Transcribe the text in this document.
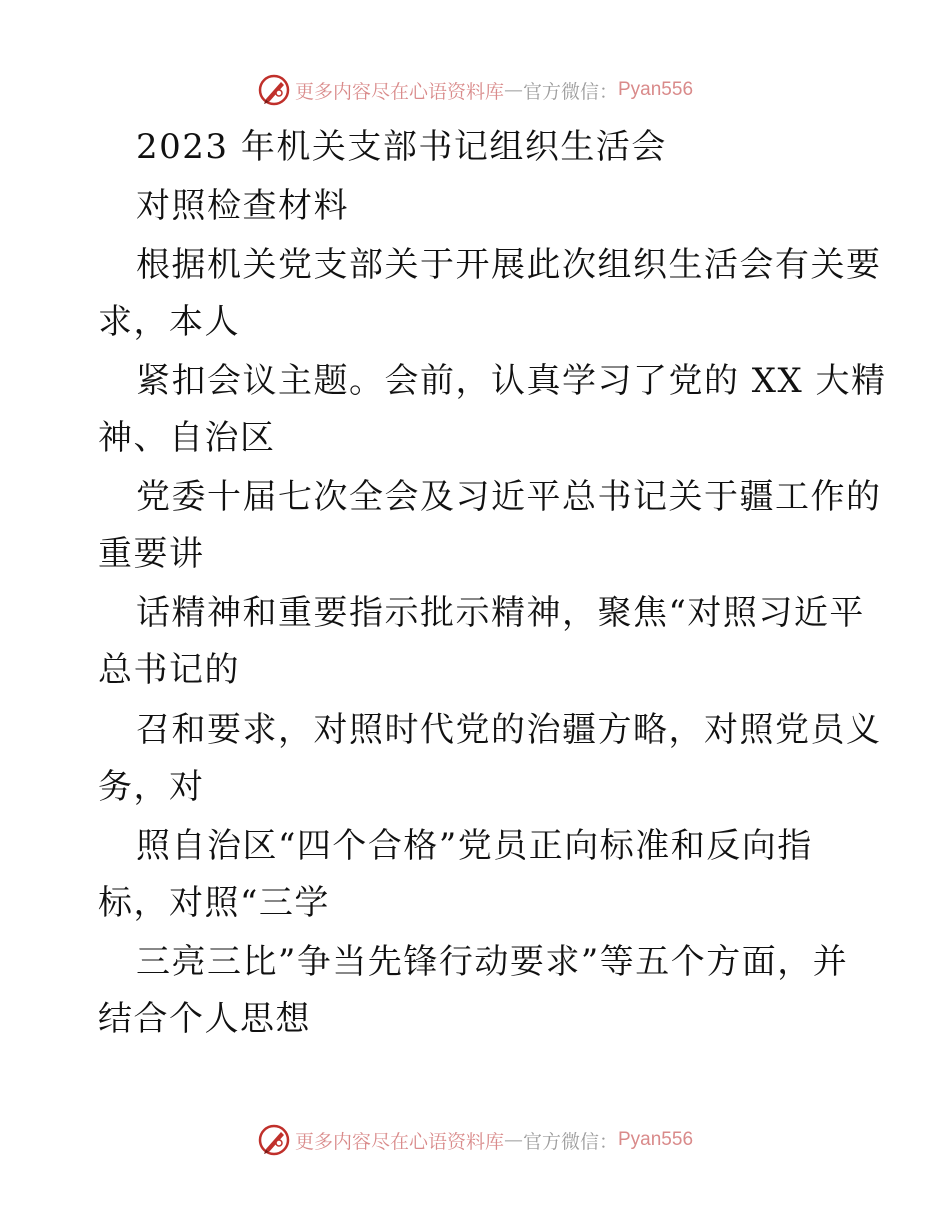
更多内容尽在心语资料库 — 官方微信： Pyan556
2023 年机关支部书记组织生活会
对照检查材料
根据机关党支部关于开展此次组织生活会有关要
求，本人
紧扣会议主题。会前，认真学习了党的 XX 大精
神、自治区
党委十届七次全会及习近平总书记关于疆工作的
重要讲
话精神和重要指示批示精神，聚焦“对照习近平
总书记的
召和要求，对照时代党的治疆方略，对照党员义
务，对
照自治区“四个合格”党员正向标准和反向指
标，对照“三学
三亮三比”争当先锋行动要求”等五个方面，并
结合个人思想
更多内容尽在心语资料库 — 官方微信： Pyan556
